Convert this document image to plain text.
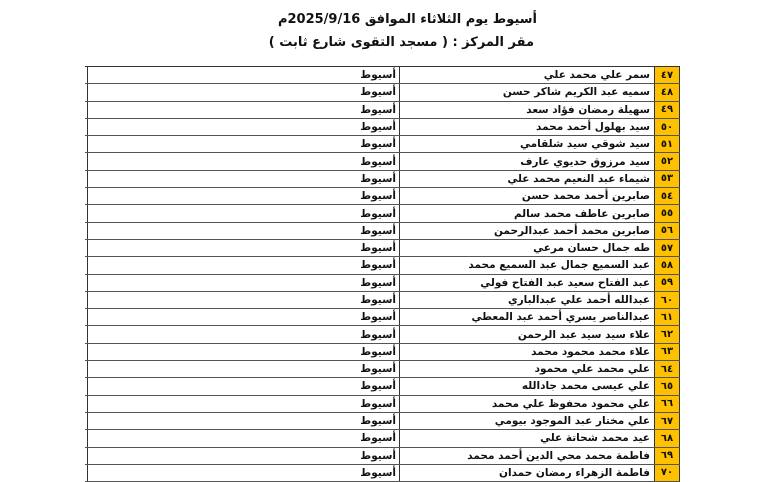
أسيوط يوم الثلاثاء الموافق 2025/9/16م
مقر المركز : ( مسجد التقوى شارع ثابت )
٤٧
سمر علي محمد علي
أسيوط
٤٨
سميه عبد الكريم شاكر حسن
أسيوط
٤٩
سهيلة رمضان فؤاد سعد
أسيوط
٥٠
سيد بهلول أحمد محمد
أسيوط
٥١
سيد شوقي سيد شلقامي
أسيوط
٥٢
سيد مرزوق حديوي عارف
أسيوط
٥٣
شيماء عبد النعيم محمد علي
أسيوط
٥٤
صابرين أحمد محمد حسن
أسيوط
٥٥
صابرين عاطف محمد سالم
أسيوط
٥٦
صابرين محمد أحمد عبدالرحمن
أسيوط
٥٧
طه جمال حسان مرعي
أسيوط
٥٨
عبد السميع جمال عبد السميع محمد
أسيوط
٥٩
عبد الفتاح سعيد عبد الفتاح فولي
أسيوط
٦٠
عبدالله أحمد علي عبدالباري
أسيوط
٦١
عبدالناصر يسري أحمد عبد المعطي
أسيوط
٦٢
علاء سيد سيد عبد الرحمن
أسيوط
٦٣
علاء محمد محمود محمد
أسيوط
٦٤
علي محمد علي محمود
أسيوط
٦٥
علي عيسى محمد جادالله
أسيوط
٦٦
علي محمود محفوظ علي محمد
أسيوط
٦٧
علي مختار عبد الموجود بيومي
أسيوط
٦٨
عيد محمد شحاتة علي
أسيوط
٦٩
فاطمة محمد محي الدين أحمد محمد
أسيوط
٧٠
فاطمة الزهراء رمضان حمدان
أسيوط
